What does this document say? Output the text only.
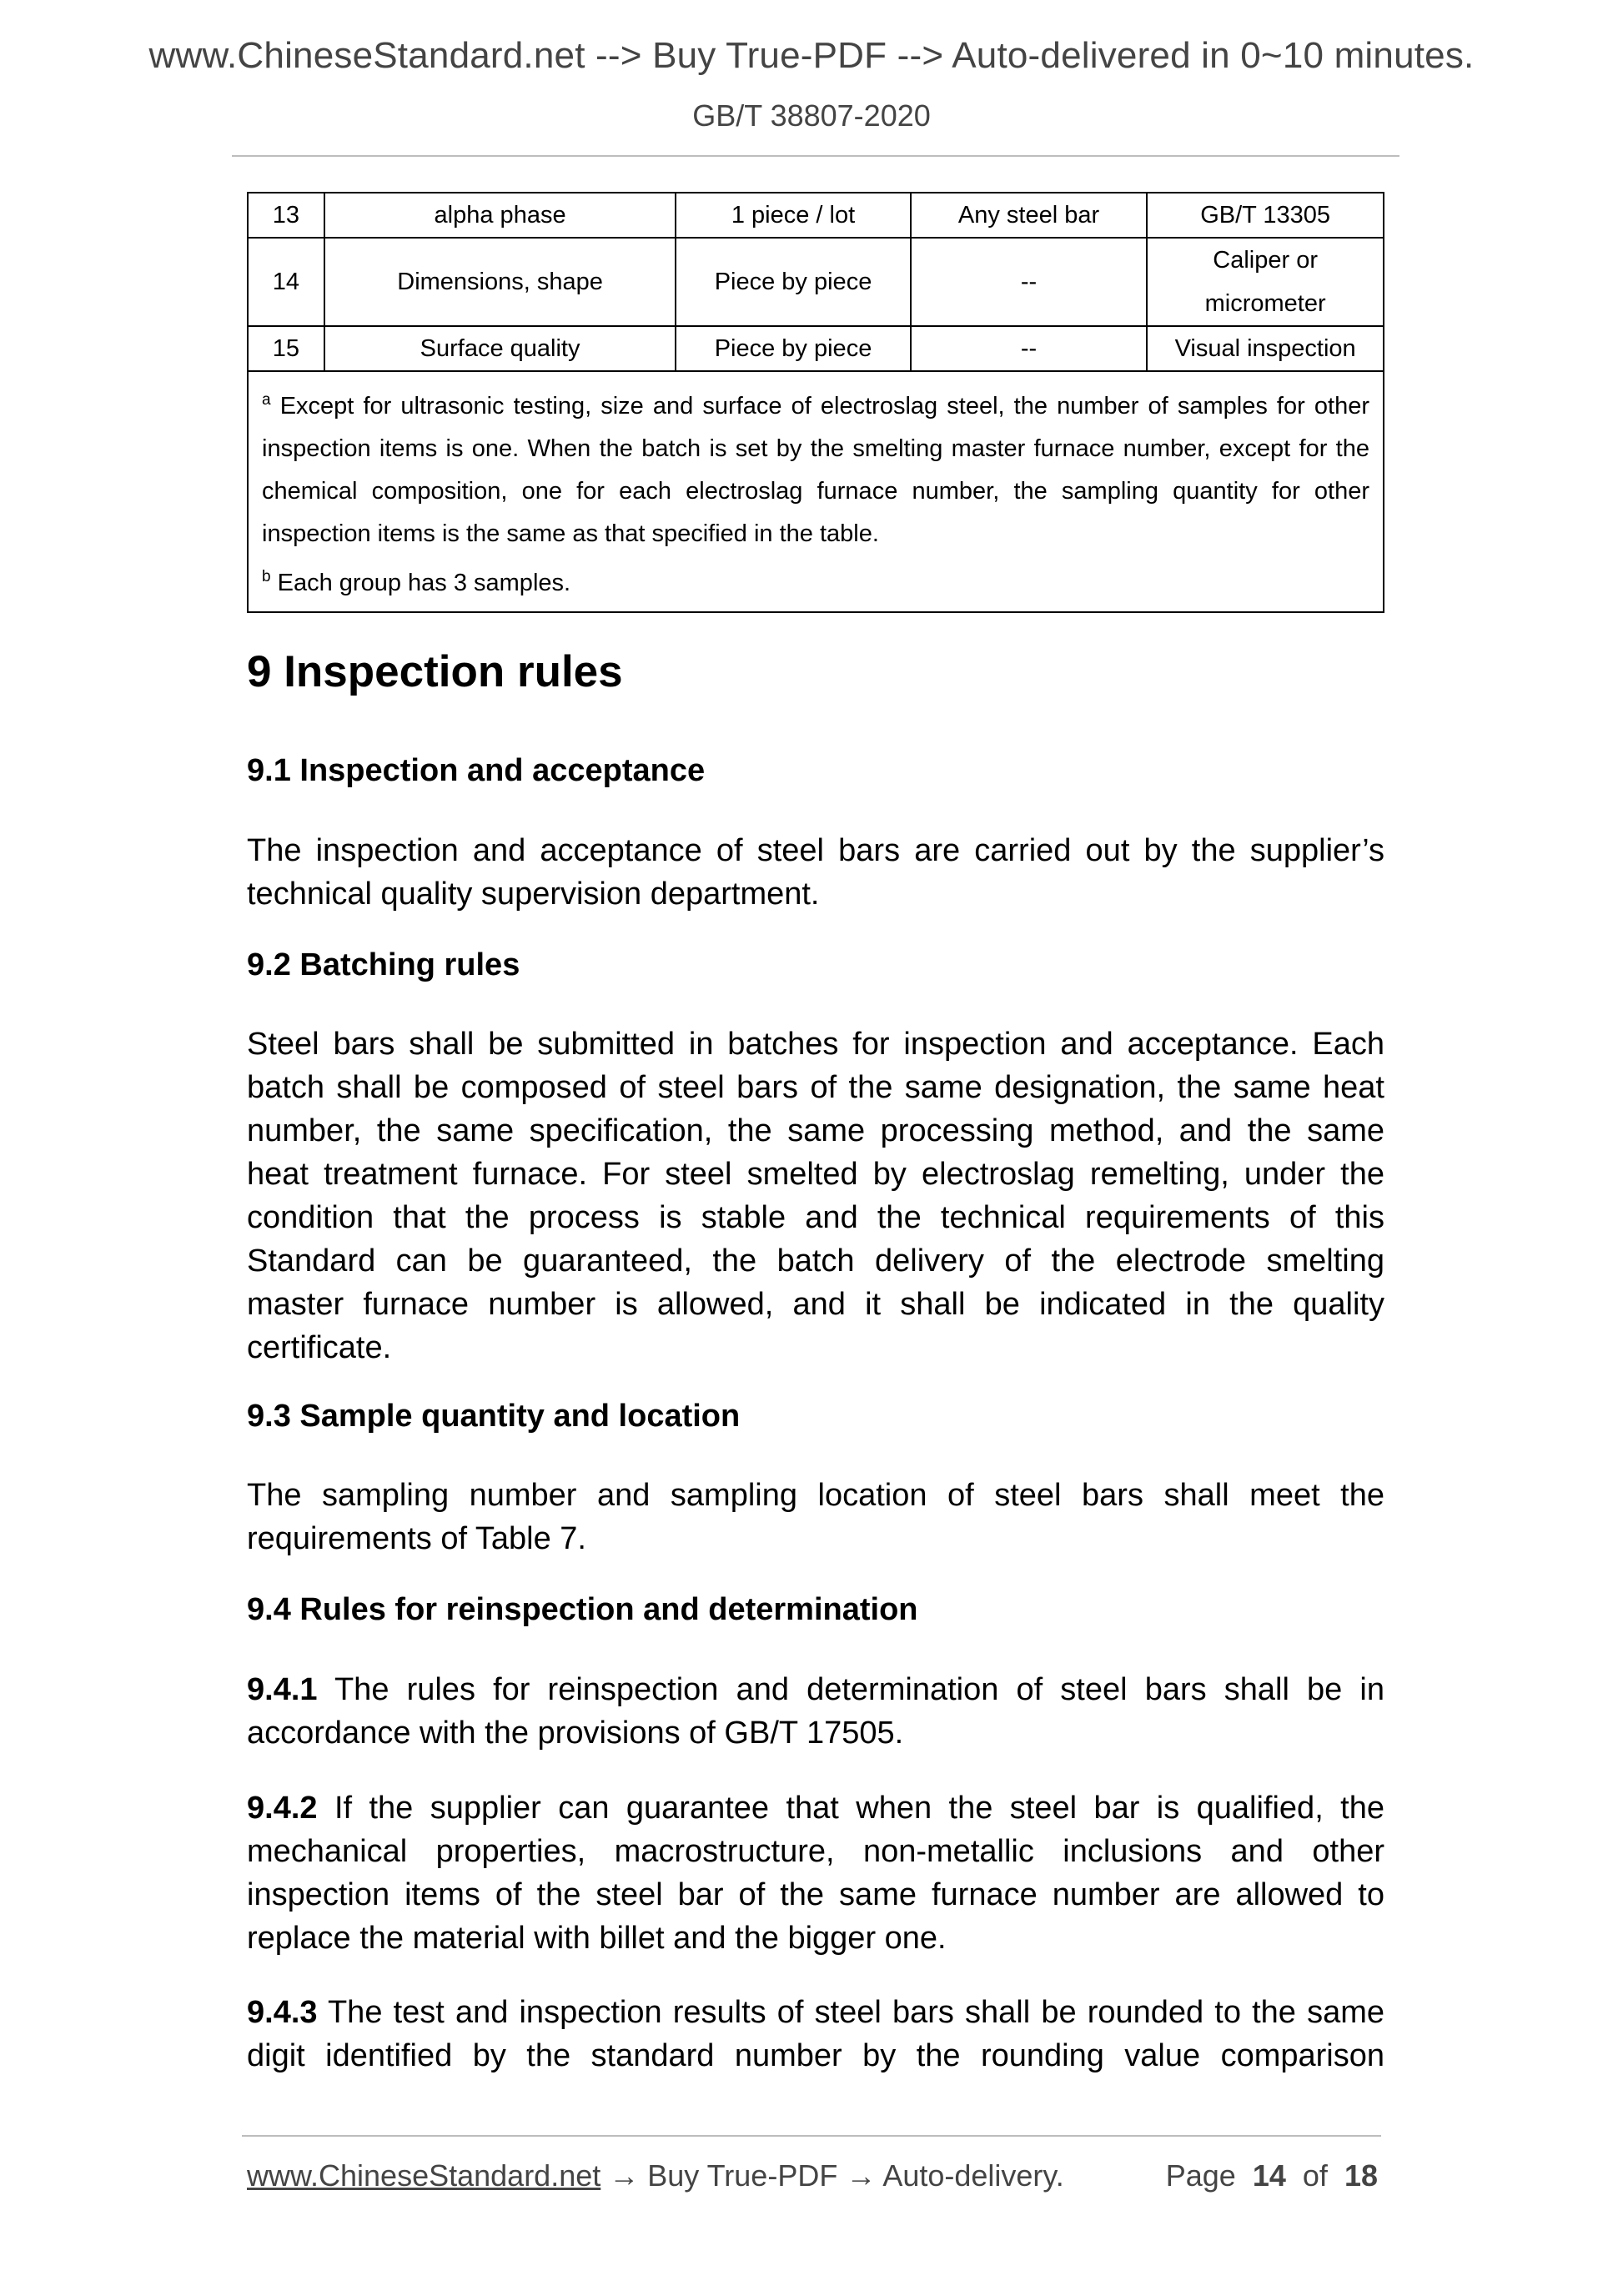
www.ChineseStandard.net --> Buy True-PDF --> Auto-delivered in 0~10 minutes.
GB/T 38807-2020
13	alpha phase	1 piece / lot	Any steel bar	GB/T 13305
14	Dimensions, shape	Piece by piece	--	Caliper or
micrometer

15	Surface quality	Piece by piece	--	Visual inspection

$^a$ Except for ultrasonic testing, size and surface of electroslag steel, the number of samples for other
inspection items is one. When the batch is set by the smelting master furnace number, except for the
chemical composition, one for each electroslag furnace number, the sampling quantity for other
inspection items is the same as that specified in the table.
$^b$ Each group has 3 samples.				
9 Inspection rules
9.1 Inspection and acceptance

The inspection and acceptance of steel bars are carried out by the supplier’s
technical quality supervision department.

9.2 Batching rules

Steel bars shall be submitted in batches for inspection and acceptance. Each
batch shall be composed of steel bars of the same designation, the same heat
number, the same specification, the same processing method, and the same
heat treatment furnace. For steel smelted by electroslag remelting, under the
condition that the process is stable and the technical requirements of this
Standard can be guaranteed, the batch delivery of the electrode smelting
master furnace number is allowed, and it shall be indicated in the quality
certificate.

9.3 Sample quantity and location

The sampling number and sampling location of steel bars shall meet the
requirements of Table 7.

9.4 Rules for reinspection and determination

9.4.1 The rules for reinspection and determination of steel bars shall be in
accordance with the provisions of GB/T 17505.

9.4.2 If the supplier can guarantee that when the steel bar is qualified, the
mechanical properties, macrostructure, non-metallic inclusions and other
inspection items of the steel bar of the same furnace number are allowed to
replace the material with billet and the bigger one.

9.4.3 The test and inspection results of steel bars shall be rounded to the same
digit identified by the standard number by the rounding value comparison

www.ChineseStandard.net → Buy True-PDF → Auto-delivery.	Page 14 of 18
